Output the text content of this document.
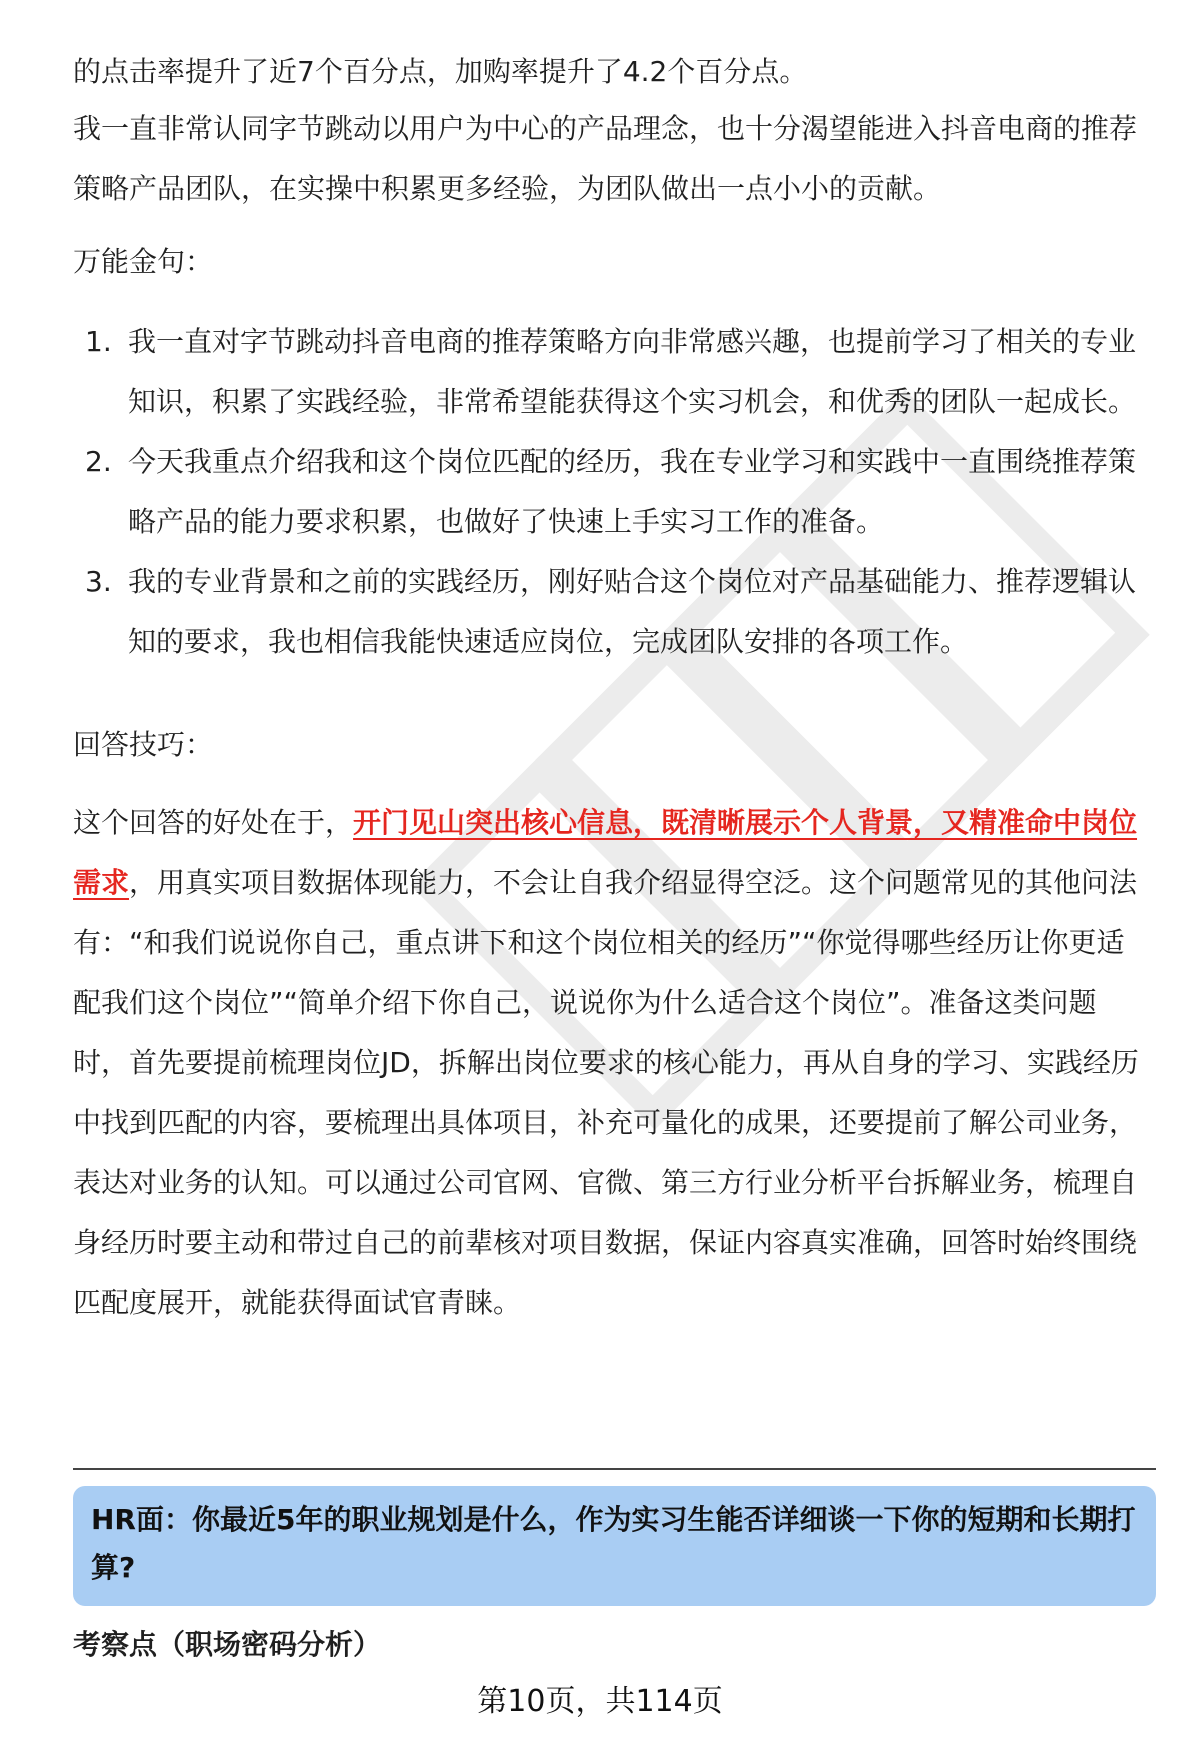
的点击率提升了近7个百分点，加购率提升了4.2个百分点。

我一直非常认同字节跳动以用户为中心的产品理念，也十分渴望能进入抖音电商的推荐策略产品团队，在实操中积累更多经验，为团队做出一点小小的贡献。

万能金句：

1. 我一直对字节跳动抖音电商的推荐策略方向非常感兴趣，也提前学习了相关的专业知识，积累了实践经验，非常希望能获得这个实习机会，和优秀的团队一起成长。
2. 今天我重点介绍我和这个岗位匹配的经历，我在专业学习和实践中一直围绕推荐策略产品的能力要求积累，也做好了快速上手实习工作的准备。
3. 我的专业背景和之前的实践经历，刚好贴合这个岗位对产品基础能力、推荐逻辑认知的要求，我也相信我能快速适应岗位，完成团队安排的各项工作。

回答技巧：

这个回答的好处在于，开门见山突出核心信息，既清晰展示个人背景，又精准命中岗位需求，用真实项目数据体现能力，不会让自我介绍显得空泛。这个问题常见的其他问法有：“和我们说说你自己，重点讲下和这个岗位相关的经历”“你觉得哪些经历让你更适配我们这个岗位”“简单介绍下你自己，说说你为什么适合这个岗位”。准备这类问题时，首先要提前梳理岗位JD，拆解出岗位要求的核心能力，再从自身的学习、实践经历中找到匹配的内容，要梳理出具体项目，补充可量化的成果，还要提前了解公司业务，表达对业务的认知。可以通过公司官网、官微、第三方行业分析平台拆解业务，梳理自身经历时要主动和带过自己的前辈核对项目数据，保证内容真实准确，回答时始终围绕匹配度展开，就能获得面试官青睐。

HR面：你最近5年的职业规划是什么，作为实习生能否详细谈一下你的短期和长期打算?
考察点（职场密码分析）
第10页，共114页
